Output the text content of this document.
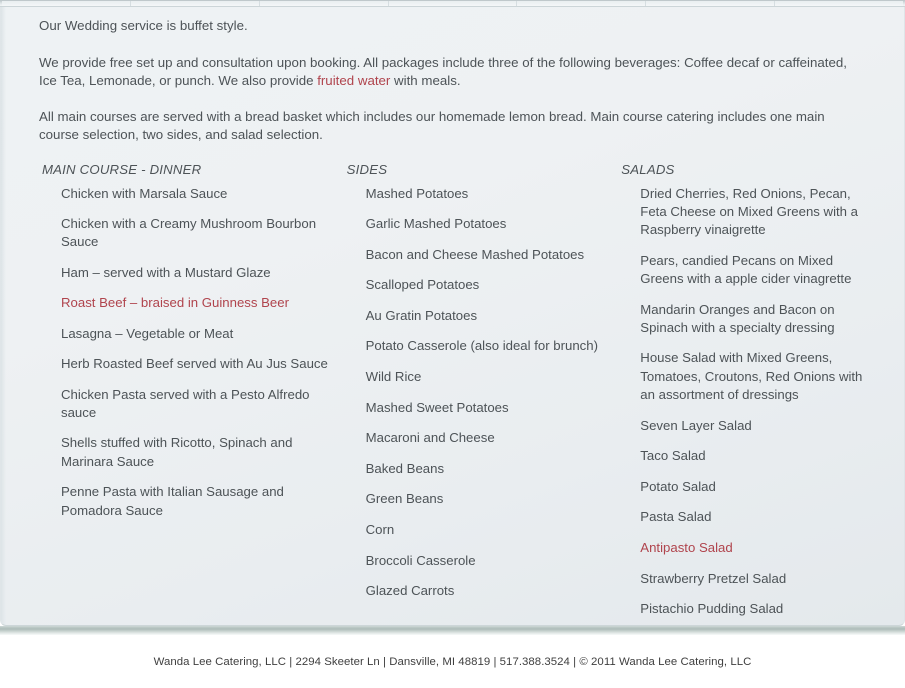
Our Wedding service is buffet style.

We provide free set up and consultation upon booking. All packages include three of the following beverages: Coffee decaf or caffeinated, Ice Tea, Lemonade, or punch. We also provide fruited water with meals.

All main courses are served with a bread basket which includes our homemade lemon bread. Main course catering includes one main course selection, two sides, and salad selection.

MAIN COURSE - DINNER
Chicken with Marsala Sauce
Chicken with a Creamy Mushroom Bourbon Sauce
Ham – served with a Mustard Glaze
Roast Beef – braised in Guinness Beer
Lasagna – Vegetable or Meat
Herb Roasted Beef served with Au Jus Sauce
Chicken Pasta served with a Pesto Alfredo sauce
Shells stuffed with Ricotto, Spinach and Marinara Sauce
Penne Pasta with Italian Sausage and Pomadora Sauce
SIDES
Mashed Potatoes
Garlic Mashed Potatoes
Bacon and Cheese Mashed Potatoes
Scalloped Potatoes
Au Gratin Potatoes
Potato Casserole (also ideal for brunch)
Wild Rice
Mashed Sweet Potatoes
Macaroni and Cheese
Baked Beans
Green Beans
Corn
Broccoli Casserole
Glazed Carrots
SALADS
Dried Cherries, Red Onions, Pecan, Feta Cheese on Mixed Greens with a Raspberry vinaigrette
Pears, candied Pecans on Mixed Greens with a apple cider vinagrette
Mandarin Oranges and Bacon on Spinach with a specialty dressing
House Salad with Mixed Greens, Tomatoes, Croutons, Red Onions with an assortment of dressings
Seven Layer Salad
Taco Salad
Potato Salad
Pasta Salad
Antipasto Salad
Strawberry Pretzel Salad
Pistachio Pudding Salad
Wanda Lee Catering, LLC | 2294 Skeeter Ln | Dansville, MI 48819 | 517.388.3524 | © 2011 Wanda Lee Catering, LLC
